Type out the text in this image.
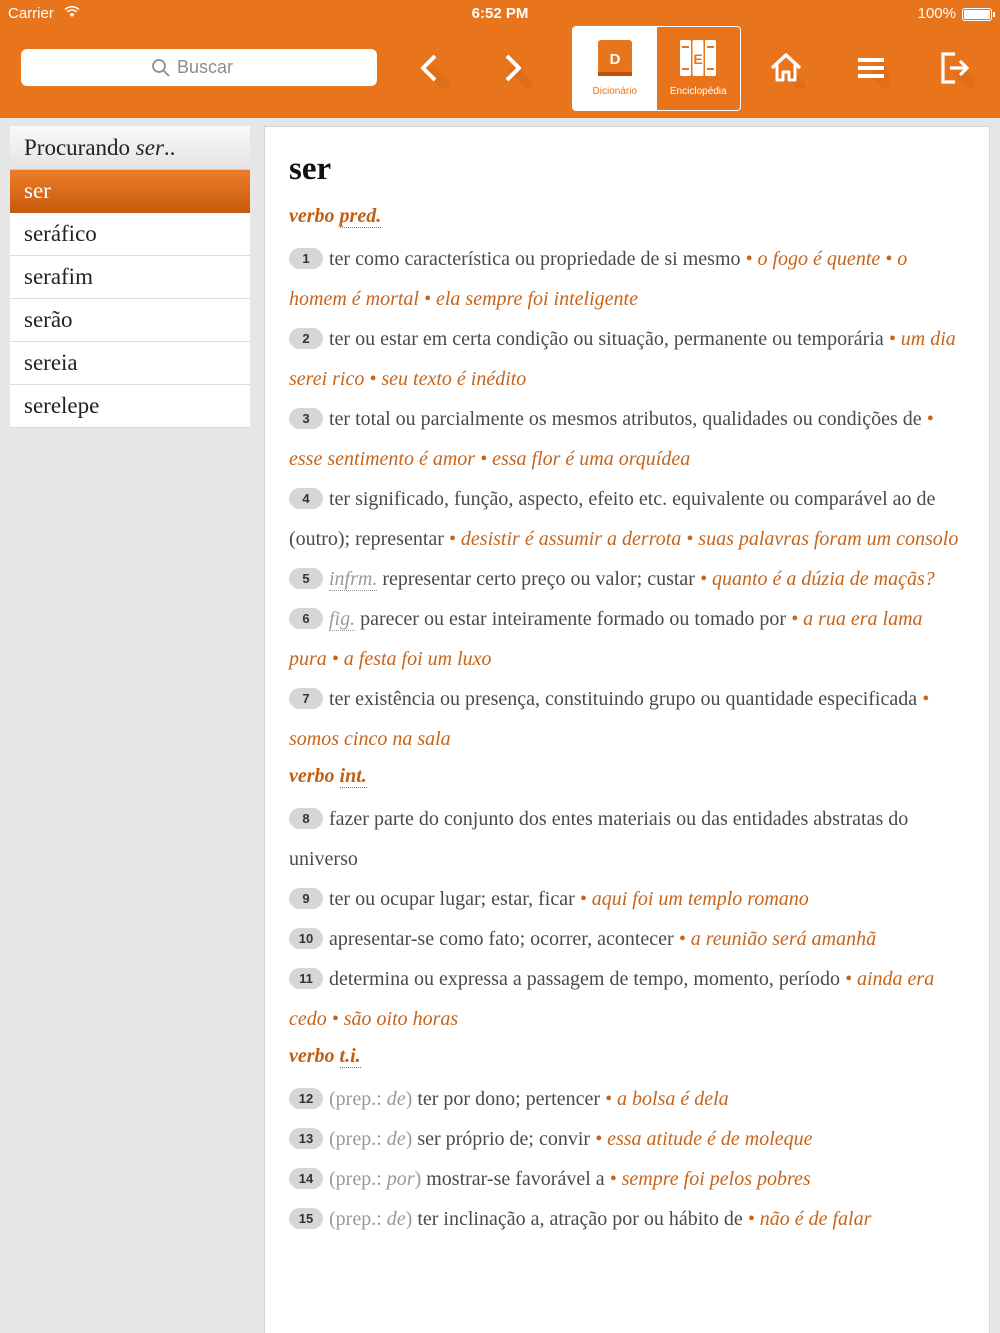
Carrier	6:52 PM	100%
Buscar
D
Dicionário
E
Enciclopédia
Procurando ser..
ser
seráfico
serafim
serão
sereia
serelepe
ser
verbo pred.
1 ter como característica ou propriedade de si mesmo • o fogo é quente • o homem é mortal • ela sempre foi inteligente
2 ter ou estar em certa condição ou situação, permanente ou temporária • um dia serei rico • seu texto é inédito
3 ter total ou parcialmente os mesmos atributos, qualidades ou condições de • esse sentimento é amor • essa flor é uma orquídea
4 ter significado, função, aspecto, efeito etc. equivalente ou comparável ao de (outro); representar • desistir é assumir a derrota • suas palavras foram um consolo
5 infrm. representar certo preço ou valor; custar • quanto é a dúzia de maçãs?
6 fig. parecer ou estar inteiramente formado ou tomado por • a rua era lama pura • a festa foi um luxo
7 ter existência ou presença, constituindo grupo ou quantidade especificada • somos cinco na sala
verbo int.
8 fazer parte do conjunto dos entes materiais ou das entidades abstratas do universo
9 ter ou ocupar lugar; estar, ficar • aqui foi um templo romano
10 apresentar-se como fato; ocorrer, acontecer • a reunião será amanhã
11 determina ou expressa a passagem de tempo, momento, período • ainda era cedo • são oito horas
verbo t.i.
12 (prep.: de) ter por dono; pertencer • a bolsa é dela
13 (prep.: de) ser próprio de; convir • essa atitude é de moleque
14 (prep.: por) mostrar-se favorável a • sempre foi pelos pobres
15 (prep.: de) ter inclinação a, atração por ou hábito de • não é de falar
